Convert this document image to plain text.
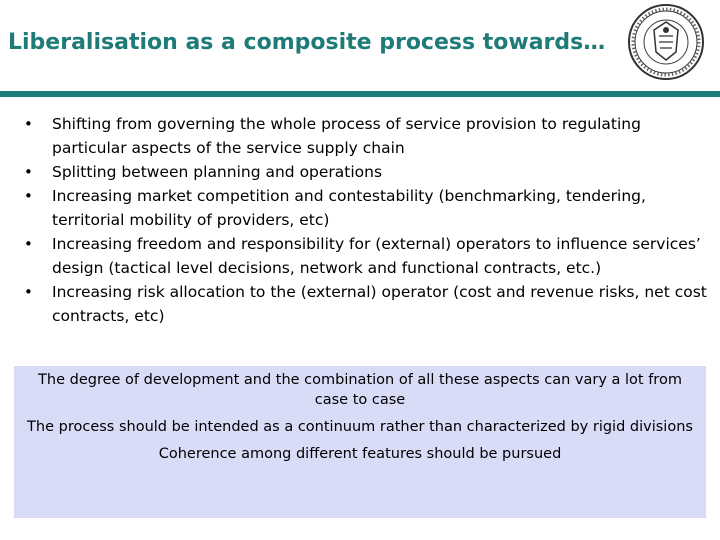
Liberalisation as a composite process towards…
• Shifting from governing the whole process of service provision to regulating particular aspects of the service supply chain
• Splitting between planning and operations
• Increasing market competition and contestability (benchmarking, tendering, territorial mobility of providers, etc)
• Increasing freedom and responsibility for (external) operators to influence services’ design (tactical level decisions, network and functional contracts, etc.)
• Increasing risk allocation to the (external) operator (cost and revenue risks, net cost contracts, etc)

The degree of development and the combination of all these aspects can vary a lot from case to case

The process should be intended as a continuum rather than characterized by rigid divisions

Coherence among different features should be pursued
